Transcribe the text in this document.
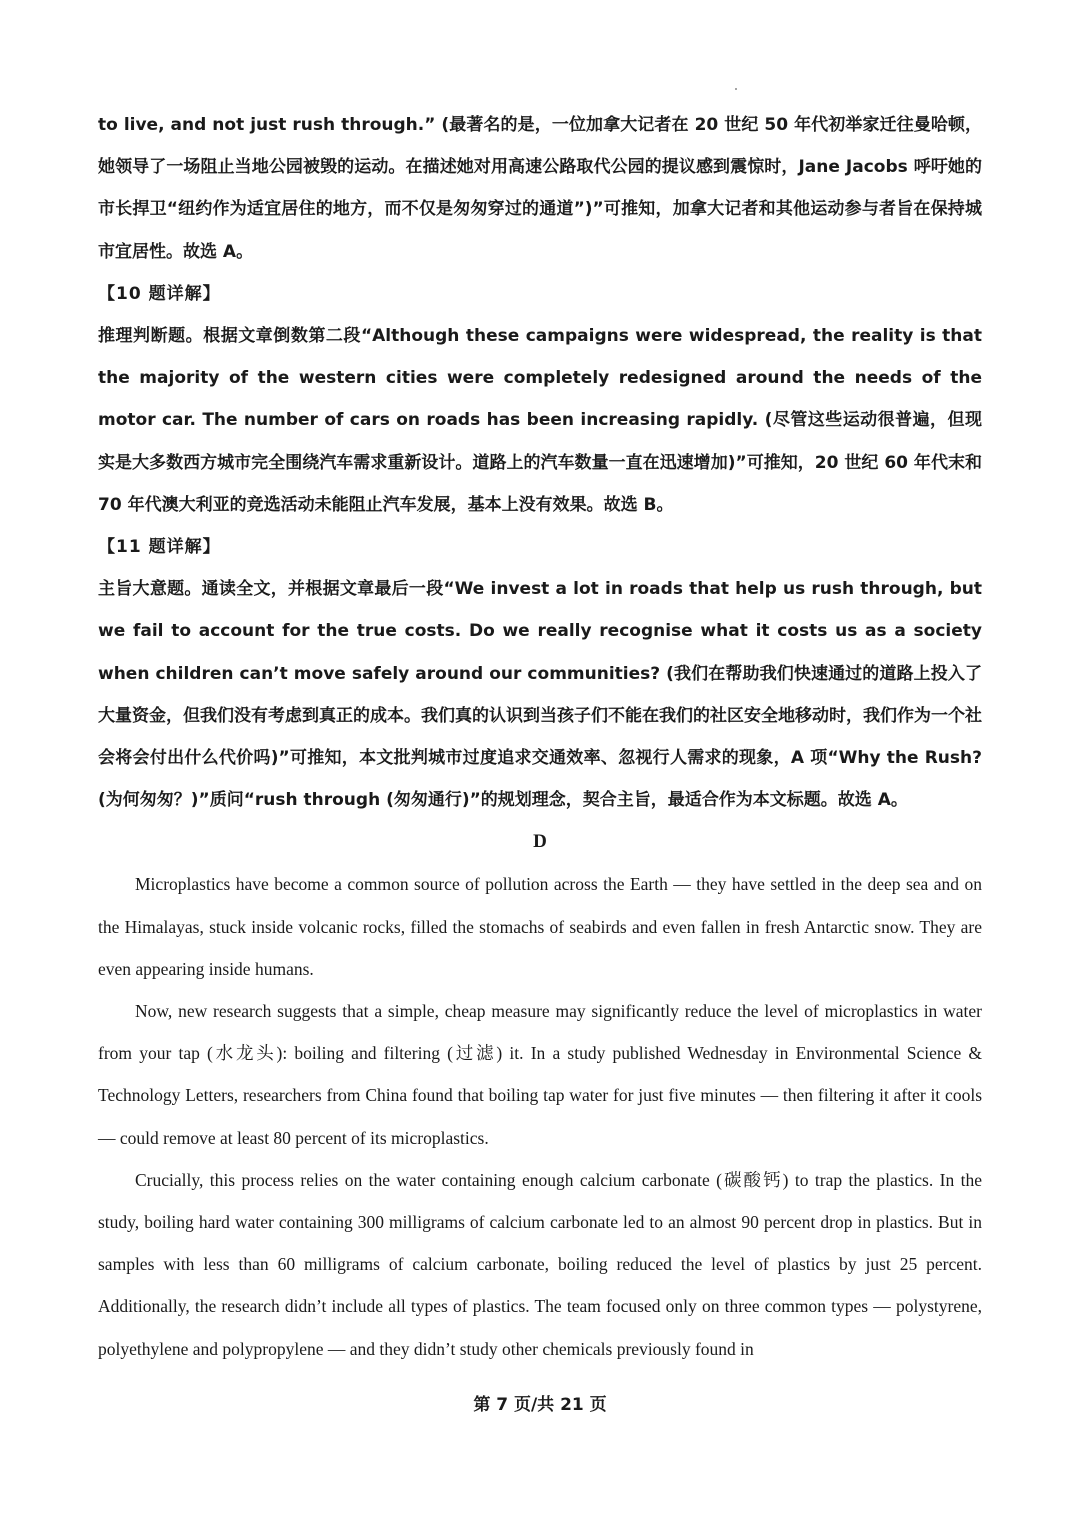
to live, and not just rush through.” (最著名的是，一位加拿大记者在 20 世纪 50 年代初举家迁往曼哈顿，她领导了一场阻止当地公园被毁的运动。在描述她对用高速公路取代公园的提议感到震惊时，Jane Jacobs 呼吁她的市长捍卫“纽约作为适宜居住的地方，而不仅是匆匆穿过的通道”)”可推知，加拿大记者和其他运动参与者旨在保持城市宜居性。故选 A。

【10 题详解】

推理判断题。根据文章倒数第二段“Although these campaigns were widespread, the reality is that the majority of the western cities were completely redesigned around the needs of the motor car. The number of cars on roads has been increasing rapidly. (尽管这些运动很普遍，但现实是大多数西方城市完全围绕汽车需求重新设计。道路上的汽车数量一直在迅速增加)”可推知，20 世纪 60 年代末和 70 年代澳大利亚的竞选活动未能阻止汽车发展，基本上没有效果。故选 B。

【11 题详解】

主旨大意题。通读全文，并根据文章最后一段“We invest a lot in roads that help us rush through, but we fail to account for the true costs. Do we really recognise what it costs us as a society when children can’t move safely around our communities? (我们在帮助我们快速通过的道路上投入了大量资金，但我们没有考虑到真正的成本。我们真的认识到当孩子们不能在我们的社区安全地移动时，我们作为一个社会将会付出什么代价吗)”可推知，本文批判城市过度追求交通效率、忽视行人需求的现象，A 项“Why the Rush? (为何匆匆？)”质问“rush through (匆匆通行)”的规划理念，契合主旨，最适合作为本文标题。故选 A。

D

Microplastics have become a common source of pollution across the Earth — they have settled in the deep sea and on the Himalayas, stuck inside volcanic rocks, filled the stomachs of seabirds and even fallen in fresh Antarctic snow. They are even appearing inside humans.

Now, new research suggests that a simple, cheap measure may significantly reduce the level of microplastics in water from your tap (水龙头): boiling and filtering (过滤) it. In a study published Wednesday in Environmental Science & Technology Letters, researchers from China found that boiling tap water for just five minutes — then filtering it after it cools — could remove at least 80 percent of its microplastics.

Crucially, this process relies on the water containing enough calcium carbonate (碳酸钙) to trap the plastics. In the study, boiling hard water containing 300 milligrams of calcium carbonate led to an almost 90 percent drop in plastics. But in samples with less than 60 milligrams of calcium carbonate, boiling reduced the level of plastics by just 25 percent. Additionally, the research didn’t include all types of plastics. The team focused only on three common types — polystyrene, polyethylene and polypropylene — and they didn’t study other chemicals previously found in

第 7 页/共 21 页
